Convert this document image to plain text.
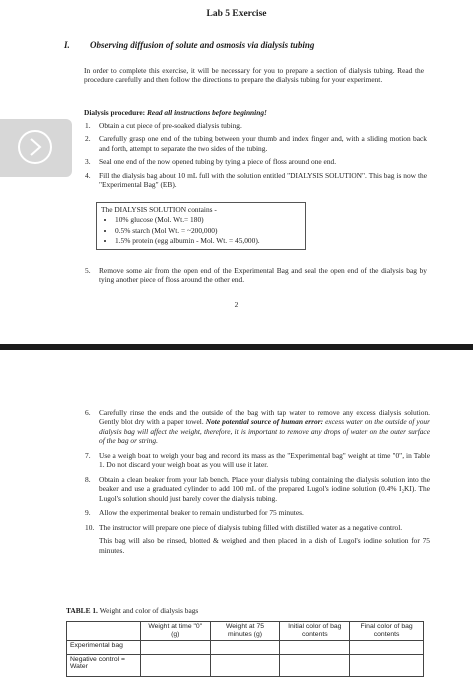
Lab 5 Exercise
I. Observing diffusion of solute and osmosis via dialysis tubing
In order to complete this exercise, it will be necessary for you to prepare a section of dialysis tubing. Read the procedure carefully and then follow the directions to prepare the dialysis tubing for your experiment.
Dialysis procedure: Read all instructions before beginning!
1.	Obtain a cut piece of pre-soaked dialysis tubing.
2.	Carefully grasp one end of the tubing between your thumb and index finger and, with a sliding motion back and forth, attempt to separate the two sides of the tubing.
3.	Seal one end of the now opened tubing by tying a piece of floss around one end.
4.	Fill the dialysis bag about 10 mL full with the solution entitled "DIALYSIS SOLUTION". This bag is now the "Experimental Bag" (EB).
The DIALYSIS SOLUTION contains -
• 10% glucose (Mol. Wt.= 180)
• 0.5% starch (Mol Wt. = ~200,000)
• 1.5% protein (egg albumin - Mol. Wt. = 45,000).
5.	Remove some air from the open end of the Experimental Bag and seal the open end of the dialysis bag by tying another piece of floss around the other end.
2
6.	Carefully rinse the ends and the outside of the bag with tap water to remove any excess dialysis solution. Gently blot dry with a paper towel. Note potential source of human error: excess water on the outside of your dialysis bag will affect the weight, therefore, it is important to remove any drops of water on the outer surface of the bag or string.
7.	Use a weigh boat to weigh your bag and record its mass as the "Experimental bag" weight at time "0", in Table 1. Do not discard your weigh boat as you will use it later.
8.	Obtain a clean beaker from your lab bench. Place your dialysis tubing containing the dialysis solution into the beaker and use a graduated cylinder to add 100 mL of the prepared Lugol's iodine solution (0.4% I₂KI). The Lugol's solution should just barely cover the dialysis tubing.
9.	Allow the experimental beaker to remain undisturbed for 75 minutes.
10. The instructor will prepare one piece of dialysis tubing filled with distilled water as a negative control.
This bag will also be rinsed, blotted & weighed and then placed in a dish of Lugol's iodine solution for 75 minutes.
TABLE 1. Weight and color of dialysis bags
	Weight at time "0" (g)	Weight at 75 minutes (g)	Initial color of bag contents	Final color of bag contents
Experimental bag				
Negative control = Water				
